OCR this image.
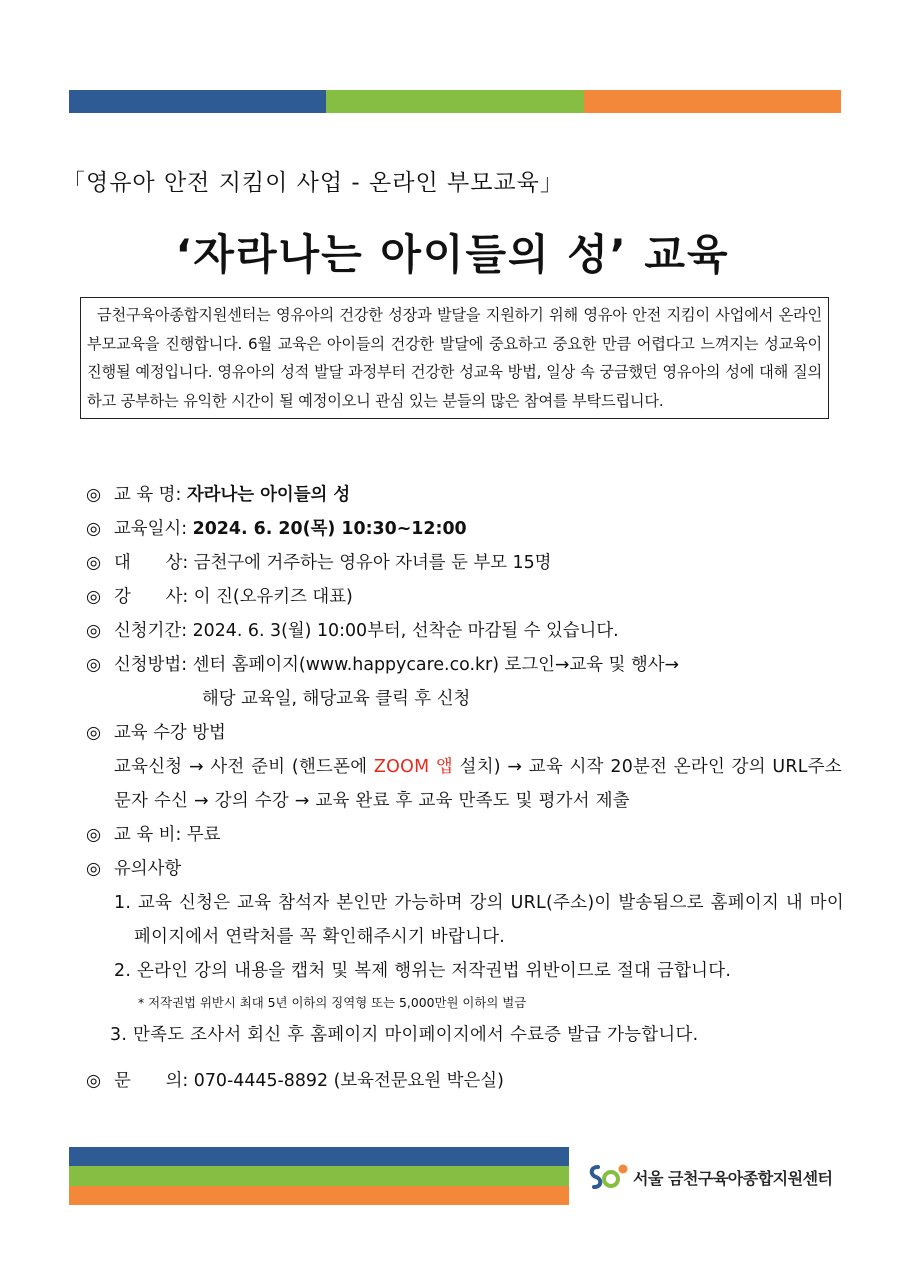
「영유아 안전 지킴이 사업 - 온라인 부모교육」
‘자라나는 아이들의 성’ 교육
금천구육아종합지원센터는 영유아의 건강한 성장과 발달을 지원하기 위해 영유아 안전 지킴이 사업에서 온라인 부모교육을 진행합니다. 6월 교육은 아이들의 건강한 발달에 중요하고 중요한 만큼 어렵다고 느껴지는 성교육이 진행될 예정입니다. 영유아의 성적 발달 과정부터 건강한 성교육 방법, 일상 속 궁금했던 영유아의 성에 대해 질의하고 공부하는 유익한 시간이 될 예정이오니 관심 있는 분들의 많은 참여를 부탁드립니다.
◎ 교 육 명: 자라나는 아이들의 성
◎ 교육일시: 2024. 6. 20(목) 10:30~12:00
◎ 대　　상: 금천구에 거주하는 영유아 자녀를 둔 부모 15명
◎ 강　　사: 이 진(오유키즈 대표)
◎ 신청기간: 2024. 6. 3(월) 10:00부터, 선착순 마감될 수 있습니다.
◎ 신청방법: 센터 홈페이지(www.happycare.co.kr) 로그인→교육 및 행사→
해당 교육일, 해당교육 클릭 후 신청
◎ 교육 수강 방법
교육신청 → 사전 준비 (핸드폰에 ZOOM 앱 설치) → 교육 시작 20분전 온라인 강의 URL주소 문자 수신 → 강의 수강 → 교육 완료 후 교육 만족도 및 평가서 제출
◎ 교 육 비: 무료
◎ 유의사항
1. 교육 신청은 교육 참석자 본인만 가능하며 강의 URL(주소)이 발송됨으로 홈페이지 내 마이페이지에서 연락처를 꼭 확인해주시기 바랍니다.
2. 온라인 강의 내용을 캡처 및 복제 행위는 저작권법 위반이므로 절대 금합니다.
* 저작권법 위반시 최대 5년 이하의 징역형 또는 5,000만원 이하의 벌금
3. 만족도 조사서 회신 후 홈페이지 마이페이지에서 수료증 발급 가능합니다.
◎ 문　　의: 070-4445-8892 (보육전문요원 박은실)
서울 금천구육아종합지원센터
